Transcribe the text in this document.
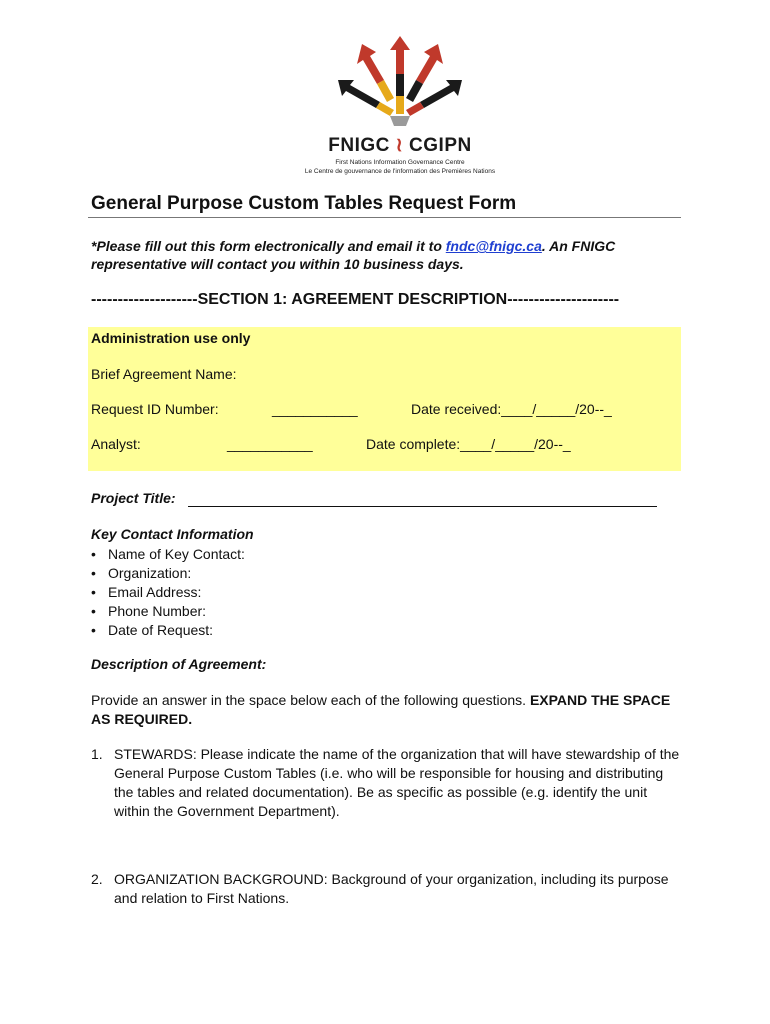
FNIGC ≀ CGIPN
First Nations Information Governance Centre
Le Centre de gouvernance de l'information des Premières Nations
General Purpose Custom Tables Request Form
*Please fill out this form electronically and email it to fndc@fnigc.ca. An FNIGC representative will contact you within 10 business days.
--------------------SECTION 1: AGREEMENT DESCRIPTION---------------------
Administration use only
Brief Agreement Name:
Request ID Number:	___________	Date received:____/_____/20--_
Analyst:	___________	Date complete:____/_____/20--_
Project Title:
Key Contact Information
• Name of Key Contact:
• Organization:
• Email Address:
• Phone Number:
• Date of Request:
Description of Agreement:
Provide an answer in the space below each of the following questions. EXPAND THE SPACE AS REQUIRED.
1. STEWARDS: Please indicate the name of the organization that will have stewardship of the General Purpose Custom Tables (i.e. who will be responsible for housing and distributing the tables and related documentation). Be as specific as possible (e.g. identify the unit within the Government Department).
2. ORGANIZATION BACKGROUND: Background of your organization, including its purpose and relation to First Nations.
